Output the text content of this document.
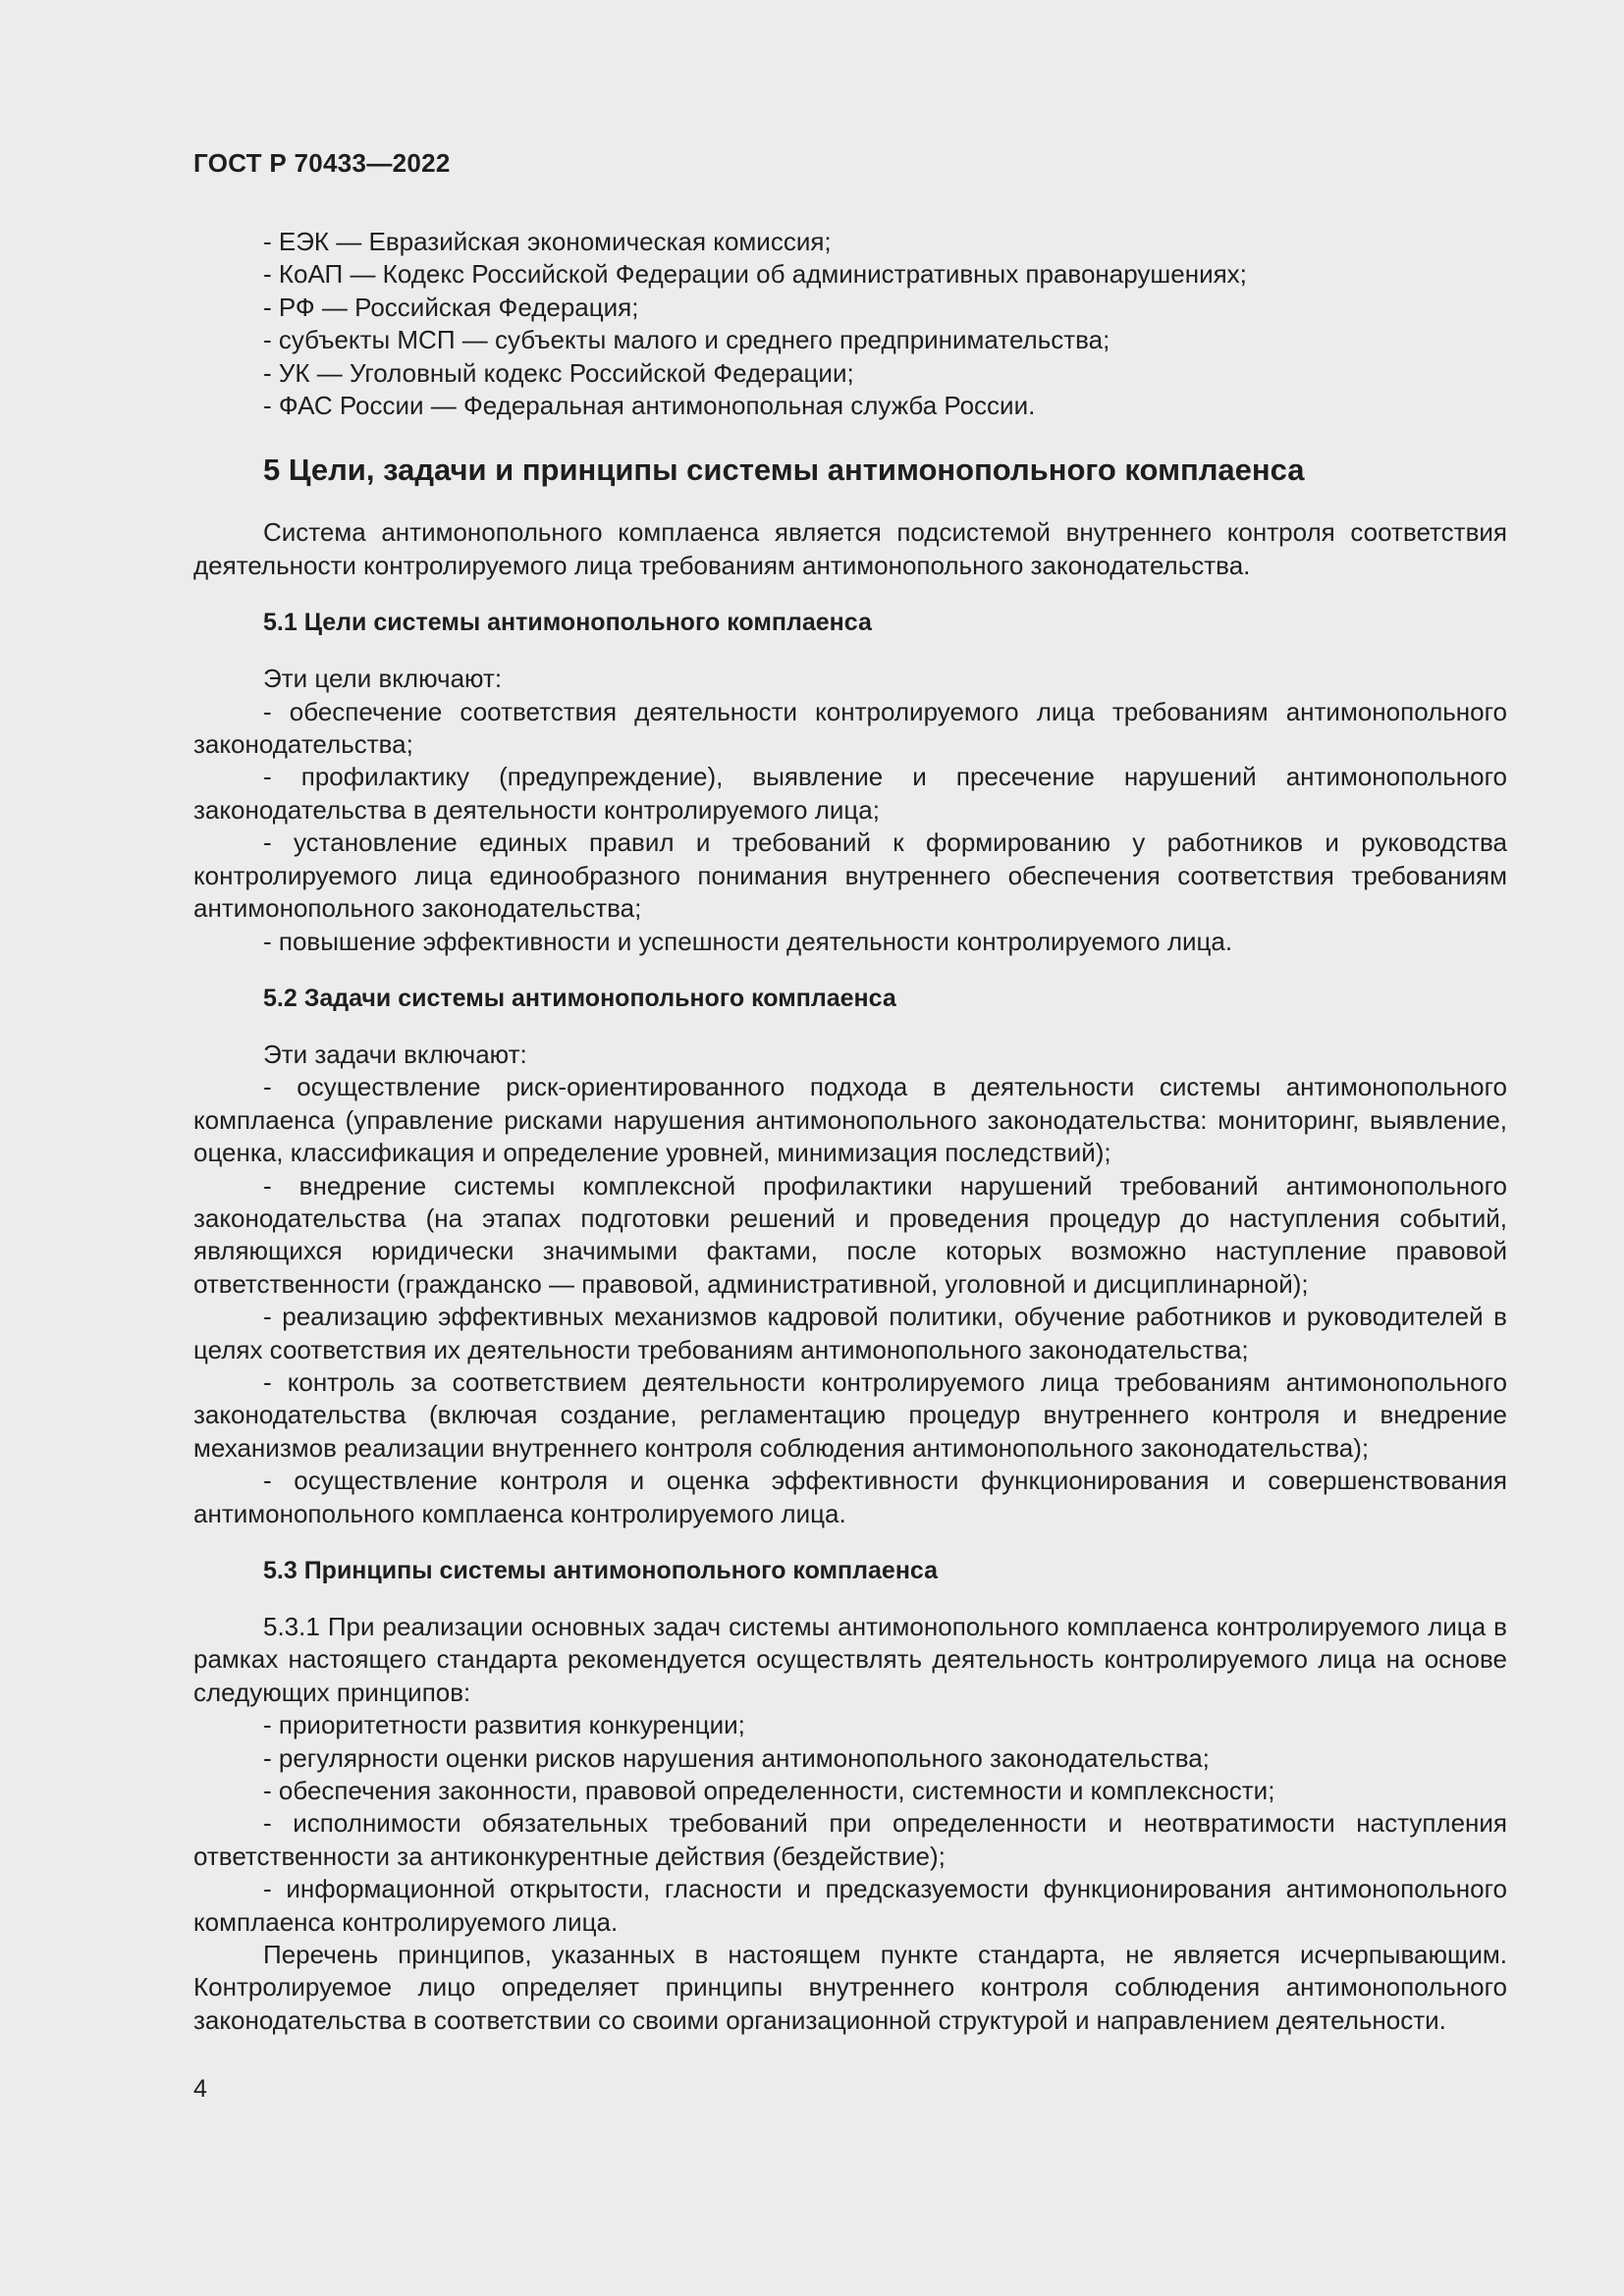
ГОСТ Р 70433—2022

- ЕЭК — Евразийская экономическая комиссия;

- КоАП — Кодекс Российской Федерации об административных правонарушениях;

- РФ — Российская Федерация;

- субъекты МСП — субъекты малого и среднего предпринимательства;

- УК — Уголовный кодекс Российской Федерации;

- ФАС России — Федеральная антимонопольная служба России.

5 Цели, задачи и принципы системы антимонопольного комплаенса

Система антимонопольного комплаенса является подсистемой внутреннего контроля соответствия деятельности контролируемого лица требованиям антимонопольного законодательства.

5.1 Цели системы антимонопольного комплаенса

Эти цели включают:

- обеспечение соответствия деятельности контролируемого лица требованиям антимонопольного законодательства;

- профилактику (предупреждение), выявление и пресечение нарушений антимонопольного законодательства в деятельности контролируемого лица;

- установление единых правил и требований к формированию у работников и руководства контролируемого лица единообразного понимания внутреннего обеспечения соответствия требованиям антимонопольного законодательства;

- повышение эффективности и успешности деятельности контролируемого лица.

5.2 Задачи системы антимонопольного комплаенса

Эти задачи включают:

- осуществление риск-ориентированного подхода в деятельности системы антимонопольного комплаенса (управление рисками нарушения антимонопольного законодательства: мониторинг, выявление, оценка, классификация и определение уровней, минимизация последствий);

- внедрение системы комплексной профилактики нарушений требований антимонопольного законодательства (на этапах подготовки решений и проведения процедур до наступления событий, являющихся юридически значимыми фактами, после которых возможно наступление правовой ответственности (гражданско — правовой, административной, уголовной и дисциплинарной);

- реализацию эффективных механизмов кадровой политики, обучение работников и руководителей в целях соответствия их деятельности требованиям антимонопольного законодательства;

- контроль за соответствием деятельности контролируемого лица требованиям антимонопольного законодательства (включая создание, регламентацию процедур внутреннего контроля и внедрение механизмов реализации внутреннего контроля соблюдения антимонопольного законодательства);

- осуществление контроля и оценка эффективности функционирования и совершенствования антимонопольного комплаенса контролируемого лица.

5.3 Принципы системы антимонопольного комплаенса

5.3.1 При реализации основных задач системы антимонопольного комплаенса контролируемого лица в рамках настоящего стандарта рекомендуется осуществлять деятельность контролируемого лица на основе следующих принципов:

- приоритетности развития конкуренции;

- регулярности оценки рисков нарушения антимонопольного законодательства;

- обеспечения законности, правовой определенности, системности и комплексности;

- исполнимости обязательных требований при определенности и неотвратимости наступления ответственности за антиконкурентные действия (бездействие);

- информационной открытости, гласности и предсказуемости функционирования антимонопольного комплаенса контролируемого лица.

Перечень принципов, указанных в настоящем пункте стандарта, не является исчерпывающим. Контролируемое лицо определяет принципы внутреннего контроля соблюдения антимонопольного законодательства в соответствии со своими организационной структурой и направлением деятельности.

4
